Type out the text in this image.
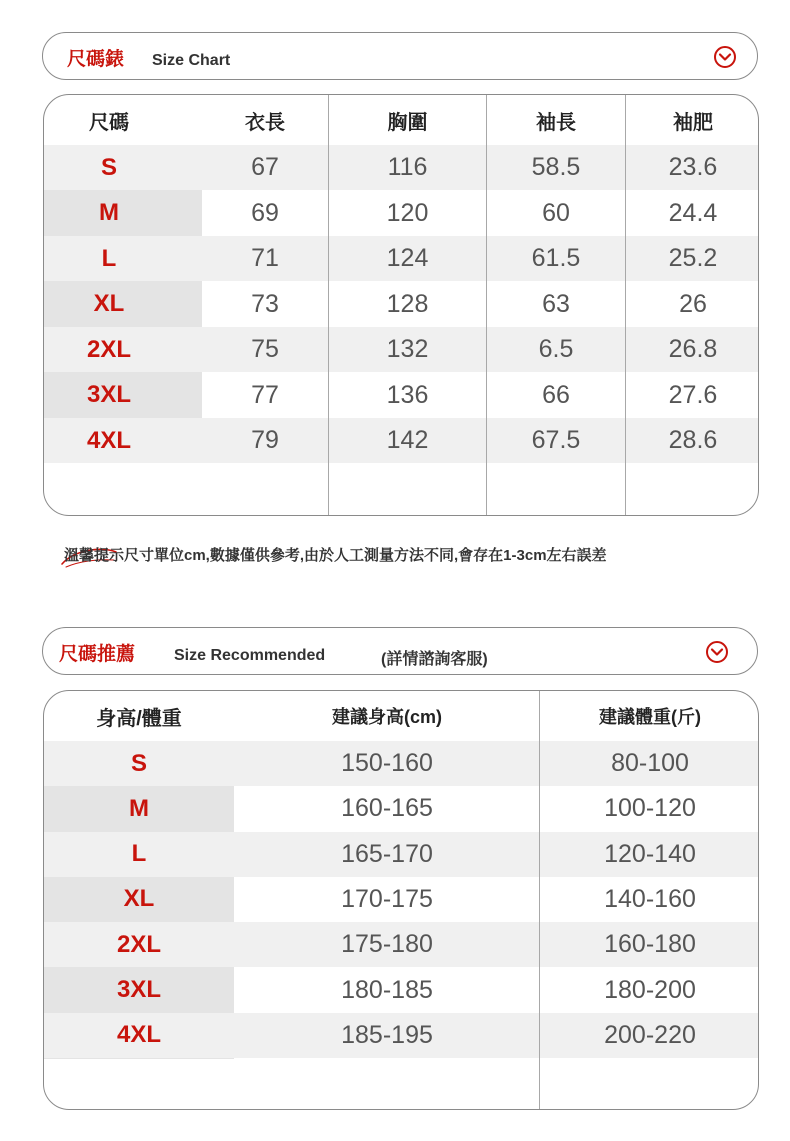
尺碼錶 Size Chart
尺碼	衣長	胸圍	袖長	袖肥
S	67	116	58.5	23.6
M	69	120	60	24.4
L	71	124	61.5	25.2
XL	73	128	63	26
2XL	75	132	6.5	26.8
3XL	77	136	66	27.6
4XL	79	142	67.5	28.6
溫馨提示尺寸單位cm,數據僅供參考,由於人工測量方法不同,會存在1-3cm左右誤差
尺碼推薦 Size Recommended	(詳情諮詢客服)
身高/體重	建議身高(cm)	建議體重(斤)
S	150-160	80-100
M	160-165	100-120
L	165-170	120-140
XL	170-175	140-160
2XL	175-180	160-180
3XL	180-185	180-200
4XL	185-195	200-220
